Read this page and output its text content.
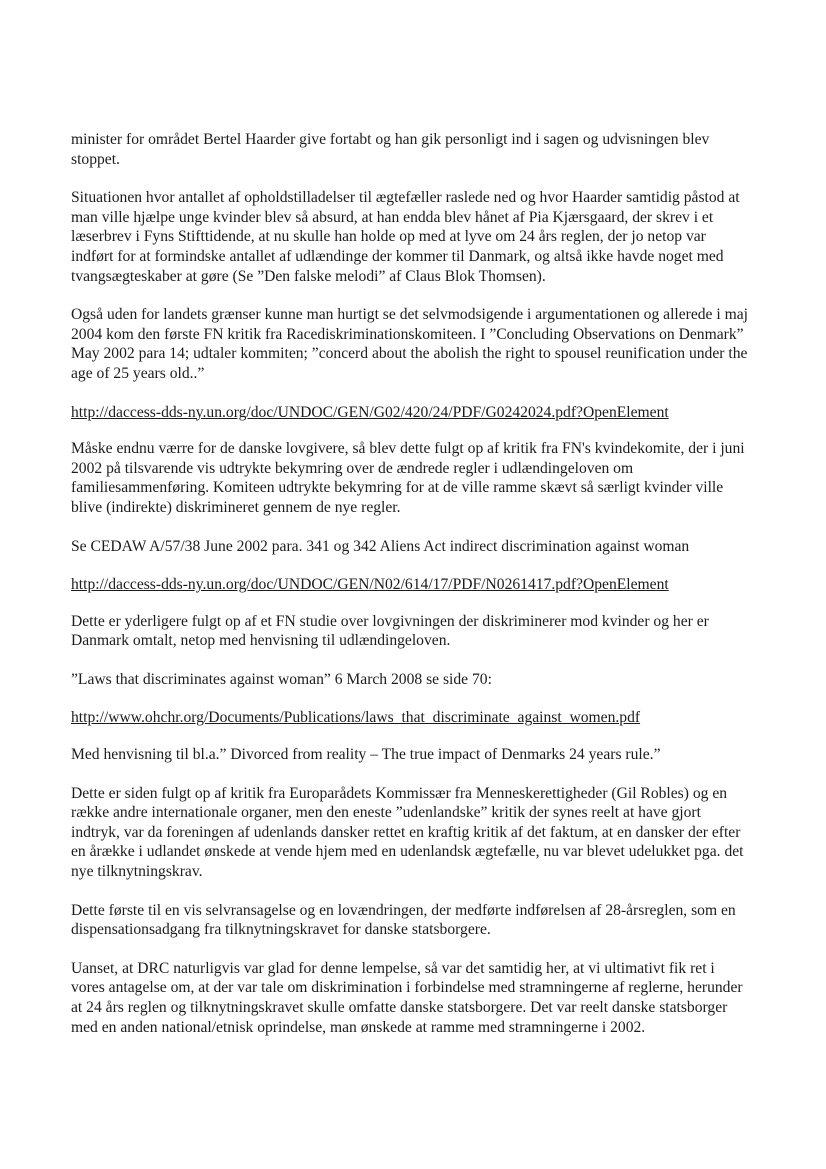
minister for området Bertel Haarder give fortabt og han gik personligt ind i sagen og udvisningen blev stoppet.

Situationen hvor antallet af opholdstilladelser til ægtefæller raslede ned og hvor Haarder samtidig påstod at man ville hjælpe unge kvinder blev så absurd, at han endda blev hånet af Pia Kjærsgaard, der skrev i et læserbrev i Fyns Stifttidende, at nu skulle han holde op med at lyve om 24 års reglen, der jo netop var indført for at formindske antallet af udlændinge der kommer til Danmark, og altså ikke havde noget med tvangsægteskaber at gøre (Se ”Den falske melodi” af Claus Blok Thomsen).

Også uden for landets grænser kunne man hurtigt se det selvmodsigende i argumentationen og allerede i maj 2004 kom den første FN kritik fra Racediskriminationskomiteen. I ”Concluding Observations on Denmark” May 2002 para 14; udtaler kommiten; ”concerd about the abolish the right to spousel reunification under the age of 25 years old..”

http://daccess-dds-ny.un.org/doc/UNDOC/GEN/G02/420/24/PDF/G0242024.pdf?OpenElement

Måske endnu værre for de danske lovgivere, så blev dette fulgt op af kritik fra FN's kvindekomite, der i juni 2002 på tilsvarende vis udtrykte bekymring over de ændrede regler i udlændingeloven om familiesammenføring. Komiteen udtrykte bekymring for at de ville ramme skævt så særligt kvinder ville blive (indirekte) diskrimineret gennem de nye regler.

Se CEDAW A/57/38 June 2002 para. 341 og 342 Aliens Act indirect discrimination against woman

http://daccess-dds-ny.un.org/doc/UNDOC/GEN/N02/614/17/PDF/N0261417.pdf?OpenElement

Dette er yderligere fulgt op af et FN studie over lovgivningen der diskriminerer mod kvinder og her er Danmark omtalt, netop med henvisning til udlændingeloven.

”Laws that discriminates against woman” 6 March 2008 se side 70:

http://www.ohchr.org/Documents/Publications/laws_that_discriminate_against_women.pdf

Med henvisning til bl.a.” Divorced from reality – The true impact of Denmarks 24 years rule.”

Dette er siden fulgt op af kritik fra Europarådets Kommissær fra Menneskerettigheder (Gil Robles) og en række andre internationale organer, men den eneste ”udenlandske” kritik der synes reelt at have gjort indtryk, var da foreningen af udenlands dansker rettet en kraftig kritik af det faktum, at en dansker der efter en årække i udlandet ønskede at vende hjem med en udenlandsk ægtefælle, nu var blevet udelukket pga. det nye tilknytningskrav.

Dette første til en vis selvransagelse og en lovændringen, der medførte indførelsen af 28-årsreglen, som en dispensationsadgang fra tilknytningskravet for danske statsborgere.

Uanset, at DRC naturligvis var glad for denne lempelse, så var det samtidig her, at vi ultimativt fik ret i vores antagelse om, at der var tale om diskrimination i forbindelse med stramningerne af reglerne, herunder at 24 års reglen og tilknytningskravet skulle omfatte danske statsborgere. Det var reelt danske statsborger med en anden national/etnisk oprindelse, man ønskede at ramme med stramningerne i 2002.
